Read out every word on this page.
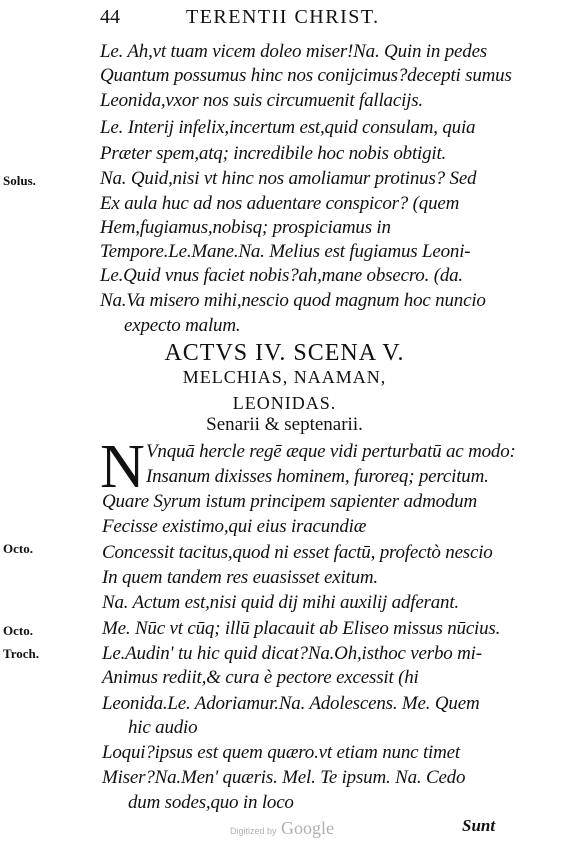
44	TERENTII CHRIST.
Solus.
Octo.
Octo.
Troch.
Le. Ah,vt tuam vicem doleo miser!Na. Quin in pedes
Quantum possumus hinc nos conijcimus?decepti sumus
Leonida,vxor nos suis circumuenit fallacijs.
Le. Interij infelix,incertum est,quid consulam, quia
Præter spem,atq; incredibile hoc nobis obtigit.
Na. Quid,nisi vt hinc nos amoliamur protinus? Sed
Ex aula huc ad nos aduentare conspicor? (quem
Hem,fugiamus,nobisq; prospiciamus in
Tempore.Le.Mane.Na. Melius est fugiamus Leoni-
Le.Quid vnus faciet nobis?ah,mane obsecro. (da.
Na.Va misero mihi,nescio quod magnum hoc nuncio
expecto malum.
ACTVS IV. SCENA V.
MELCHIAS, NAAMAN,
LEONIDAS.
Senarii & septenarii.
N Vnquā hercle regē æque vidi perturbatū ac modo:
Insanum dixisses hominem, furoreq; percitum.
Quare Syrum istum principem sapienter admodum
Fecisse existimo,qui eius iracundiæ
Concessit tacitus,quod ni esset factū, profectò nescio
In quem tandem res euasisset exitum.
Na. Actum est,nisi quid dij mihi auxilij adferant.
Me. Nūc vt cūq; illū placauit ab Eliseo missus nūcius.
Le.Audin' tu hic quid dicat?Na.Oh,isthoc verbo mi-
Animus rediit,& cura è pectore excessit (hi
Leonida.Le. Adoriamur.Na. Adolescens. Me. Quem
hic audio
Loqui?ipsus est quem quæro.vt etiam nunc timet
Miser?Na.Men' quæris. Mel. Te ipsum. Na. Cedo
dum sodes,quo in loco
Digitized by Google	Sunt
